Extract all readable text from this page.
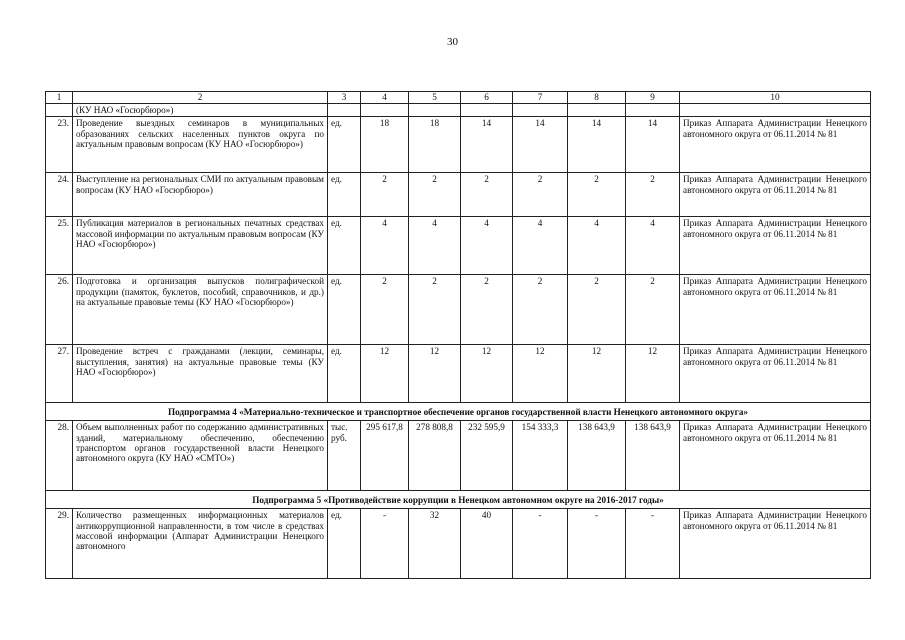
30
1	2	3	4	5	6	7	8	9	10
	(КУ НАО «Госюрбюро»)								
23.	Проведение выездных семинаров в муниципальных образованиях сельских населенных пунктов округа по актуальным правовым вопросам (КУ НАО «Госюрбюро»)	ед.	18	18	14	14	14	14	Приказ Аппарата Администрации Ненецкого автономного округа от 06.11.2014 № 81
24.	Выступление на региональных СМИ по актуальным правовым вопросам (КУ НАО «Госюрбюро»)	ед.	2	2	2	2	2	2	Приказ Аппарата Администрации Ненецкого автономного округа от 06.11.2014 № 81
25.	Публикация материалов в региональных печатных средствах массовой информации по актуальным правовым вопросам (КУ НАО «Госюрбюро»)	ед.	4	4	4	4	4	4	Приказ Аппарата Администрации Ненецкого автономного округа от 06.11.2014 № 81
26.	Подготовка и организация выпусков полиграфической продукции (памяток, буклетов, пособий, справочников, и др.) на актуальные правовые темы (КУ НАО «Госюрбюро»)	ед.	2	2	2	2	2	2	Приказ Аппарата Администрации Ненецкого автономного округа от 06.11.2014 № 81
27.	Проведение встреч с гражданами (лекции, семинары, выступления, занятия) на актуальные правовые темы (КУ НАО «Госюрбюро»)	ед.	12	12	12	12	12	12	Приказ Аппарата Администрации Ненецкого автономного округа от 06.11.2014 № 81
Подпрограмма 4 «Материально-техническое и транспортное обеспечение органов государственной власти Ненецкого автономного округа»									
28.	Объем выполненных работ по содержанию административных зданий, материальному обеспечению, обеспечению транспортом органов государственной власти Ненецкого автономного округа (КУ НАО «СМТО»)	тыс. руб.	295 617,8	278 808,8	232 595,9	154 333,3	138 643,9	138 643,9	Приказ Аппарата Администрации Ненецкого автономного округа от 06.11.2014 № 81
Подпрограмма 5 «Противодействие коррупции в Ненецком автономном округе на 2016-2017 годы»									
29.	Количество размещенных информационных материалов антикоррупционной направленности, в том числе в средствах массовой информации (Аппарат Администрации Ненецкого автономного	ед.	-	32	40	-	-	-	Приказ Аппарата Администрации Ненецкого автономного округа от 06.11.2014 № 81
